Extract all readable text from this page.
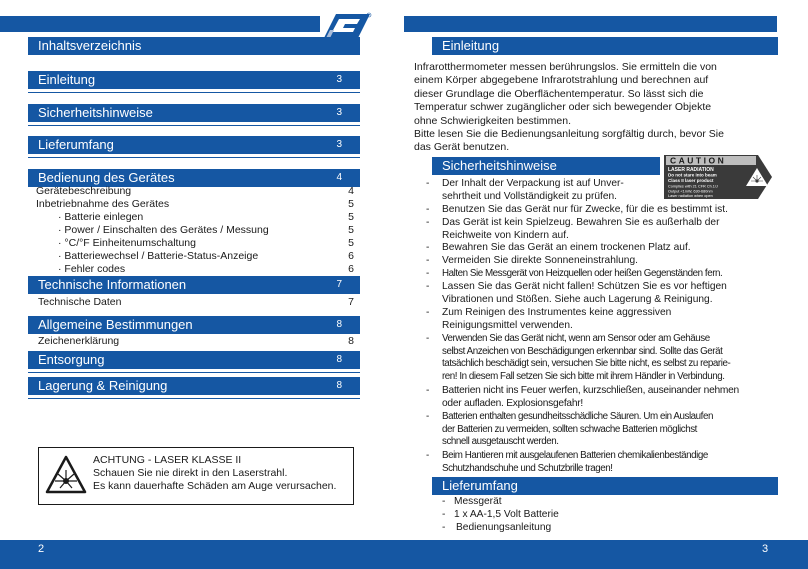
Inhaltsverzeichnis
Einleitung	3
Sicherheitshinweise	3
Lieferumfang	3
Bedienung des Gerätes	4
Gerätebeschreibung	4
Inbetriebnahme des Gerätes	5
· Batterie einlegen	5
· Power / Einschalten des Gerätes / Messung	5
· °C/°F Einheitenumschaltung	5
· Batteriewechsel / Batterie-Status-Anzeige	6
· Fehler codes	6
Technische Informationen	7
Technische Daten	7
Allgemeine Bestimmungen	8
Zeichenerklärung	8
Entsorgung	8
Lagerung & Reinigung	8
ACHTUNG - LASER KLASSE II
Schauen Sie nie direkt in den Laserstrahl.
Es kann dauerhafte Schäden am Auge verursachen.
Einleitung
Infrarotthermometer messen berührungslos. Sie ermitteln die von
einem Körper abgegebene Infrarotstrahlung und berechnen auf
dieser Grundlage die Oberflächentemperatur. So lässt sich die
Temperatur schwer zugänglicher oder sich bewegender Objekte
ohne Schwierigkeiten bestimmen.
Bitte lesen Sie die Bedienungsanleitung sorgfältig durch, bevor Sie
das Gerät benutzen.
Sicherheitshinweise	CAUTION
LASER RADIATION
Do not stare into beam
Class II laser product
Complies with 21 CFR Ch.1/J
Output <1mW, 630-680nm
Laser radiation when open
- Der Inhalt der Verpackung ist auf Unver-
sehrtheit und Vollständigkeit zu prüfen.
- Benutzen Sie das Gerät nur für Zwecke, für die es bestimmt ist.
- Das Gerät ist kein Spielzeug. Bewahren Sie es außerhalb der
Reichweite von Kindern auf.
- Bewahren Sie das Gerät an einem trockenen Platz auf.
- Vermeiden Sie direkte Sonneneinstrahlung.
- Halten Sie Messgerät von Heizquellen oder heißen Gegenständen fern.
- Lassen Sie das Gerät nicht fallen! Schützen Sie es vor heftigen
Vibrationen und Stößen. Siehe auch Lagerung & Reinigung.
- Zum Reinigen des Instrumentes keine aggressiven
Reinigungsmittel verwenden.
- Verwenden Sie das Gerät nicht, wenn am Sensor oder am Gehäuse
selbst Anzeichen von Beschädigungen erkennbar sind. Sollte das Gerät
tatsächlich beschädigt sein, versuchen Sie bitte nicht, es selbst zu reparie-
ren! In diesem Fall setzen Sie sich bitte mit ihrem Händler in Verbindung.
- Batterien nicht ins Feuer werfen, kurzschließen, auseinander nehmen
oder aufladen. Explosionsgefahr!
- Batterien enthalten gesundheitsschädliche Säuren. Um ein Auslaufen
der Batterien zu vermeiden, sollten schwache Batterien möglichst
schnell ausgetauscht werden.
- Beim Hantieren mit ausgelaufenen Batterien chemikalienbeständige
Schutzhandschuhe und Schutzbrille tragen!
Lieferumfang
- Messgerät
- 1 x AA-1,5 Volt Batterie
- Bedienungsanleitung
2	3
